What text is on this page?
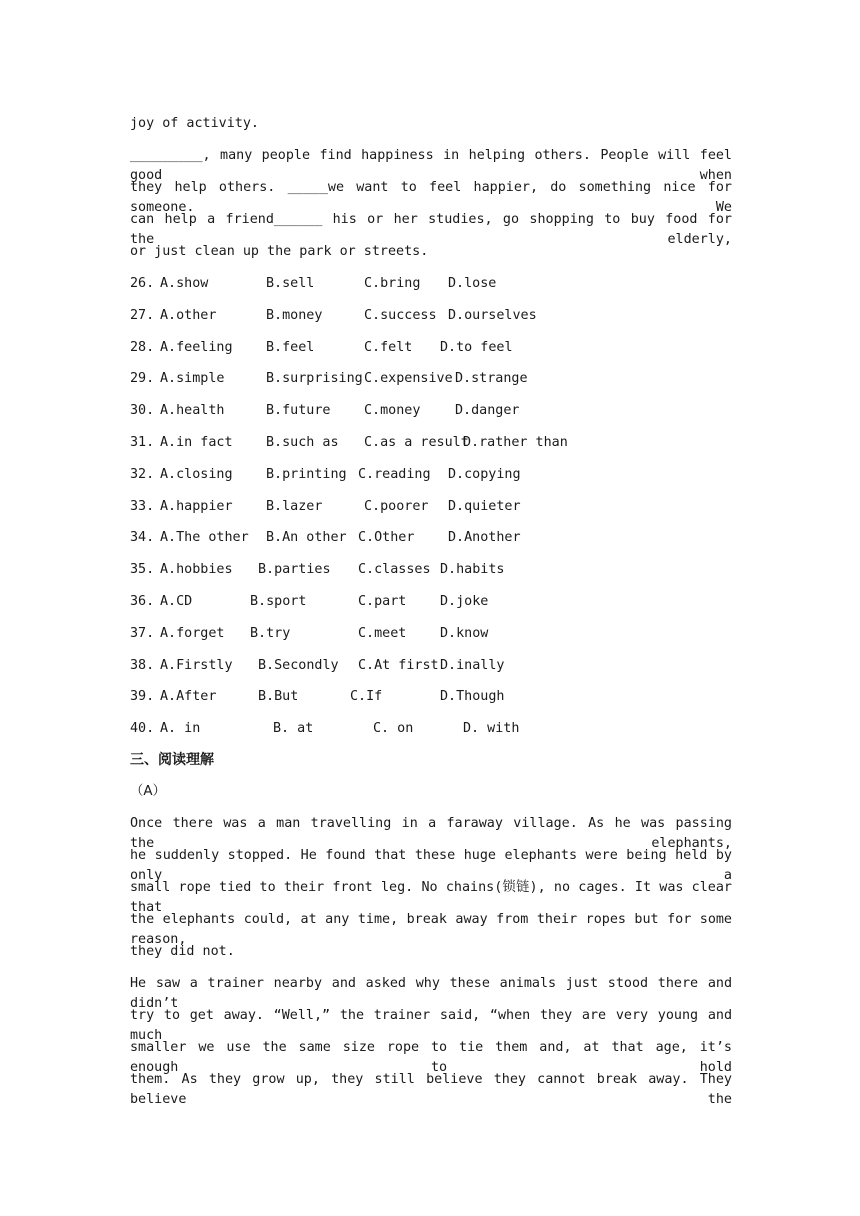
joy of activity.
_________, many people find happiness in helping others. People will feel good when
they help others. _____we want to feel happier, do something nice for someone. We
can help a friend______ his or her studies, go shopping to buy food for the elderly,
or just clean up the park or streets.
26. A.show	B.sell	C.bring D.lose
27. A.other	B.money	C.success D.ourselves
28. A.feeling B.feel	C.felt D.to feel
29. A.simple	B.surprising C.expensive D.strange
30. A.health	B.future	C.money	D.danger
31. A.in fact B.such as C.as a result
D.rather than
32. A.closing B.printing C.reading D.copying
33. A.happier B.lazer	C.poorer D.quieter
34. A.The other B.An other C.Other	D.Another
35. A.hobbies B.parties C.classes D.habits
36. A.CD	B.sport	C.part	D.joke
37. A.forget B.try	C.meet	D.know
38. A.Firstly B.Secondly C.At first D.inally
39. A.After	B.But	C.If	D.Though
40. A. in	B. at	C. on	D. with
三、阅读理解
（A）
Once there was a man travelling in a faraway village. As he was passing the elephants,
he suddenly stopped. He found that these huge elephants were being held by only a
small rope tied to their front leg. No chains(锁链), no cages. It was clear that
the elephants could, at any time, break away from their ropes but for some reason,
they did not.
He saw a trainer nearby and asked why these animals just stood there and didn’t
try to get away. “Well,” the trainer said, “when they are very young and much
smaller we use the same size rope to tie them and, at that age, it’s enough to hold
them. As they grow up, they still believe they cannot break away. They believe the
